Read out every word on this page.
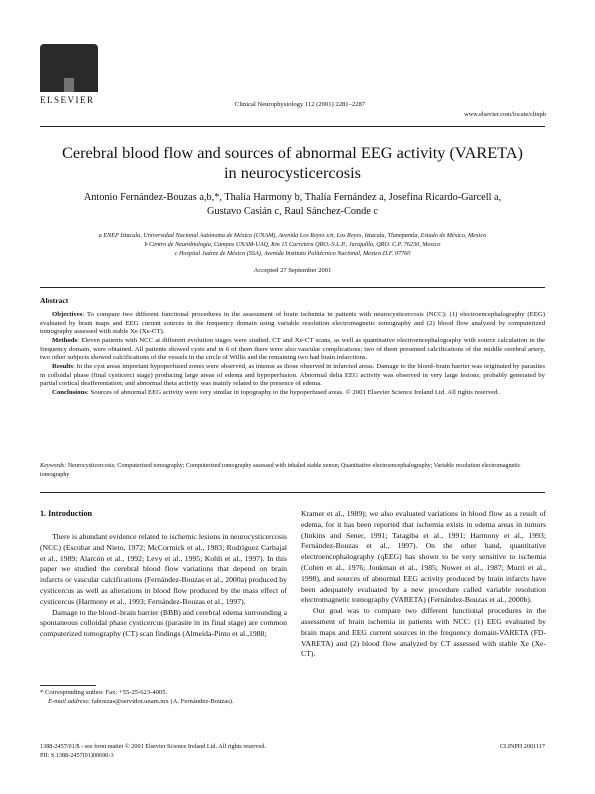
ELSEVIER	Clinical Neurophysiology 112 (2001) 2281–2287
www.elsevier.com/locate/clinph
Cerebral blood flow and sources of abnormal EEG activity (VARETA)
in neurocysticercosis
Antonio Fernández-Bouzas a,b,*, Thalía Harmony b, Thalía Fernández a, Josefina Ricardo-Garcell a,
Gustavo Casián c, Raul Sánchez-Conde c
a ENEP Iztacala, Universidad Nacional Autónoma de México (UNAM), Avenida Los Reyes s/n, Los Reyes, Iztacala, Tlanepantla, Estado de México, Mexico
b Centro de Neurobiología, Campus UNAM-UAQ, Km 15 Carretera QRO.-S.L.P., Juriquilla, QRO. C.P. 76230, Mexico
c Hospital Juárez de México (SSA), Avenida Instituto Politécnico Nacional, Mexico D.F. 07760
Accepted 27 September 2001
Abstract

Objectives: To compare two different functional procedures in the assessment of brain ischemia in patients with neurocysticercosis (NCC): (1) electroencephalography (EEG) evaluated by brain maps and EEG current sources in the frequency domain using variable resolution electromagnetic tomography and (2) blood flow analyzed by computerized tomography assessed with stable Xe (Xe-CT).

Methods: Eleven patients with NCC at different evolution stages were studied. CT and Xe-CT scans, as well as quantitative electroencephalography with source calculation in the frequency domain, were obtained. All patients showed cysts and in 6 of them there were also vascular complications: two of them presented calcifications of the middle cerebral artery, two other subjects showed calcifications of the vessels in the circle of Willis and the remaining two had brain infarctions.

Results: In the cyst areas important hypoperfused zones were observed, as intense as those observed in infarcted areas. Damage to the blood–brain barrier was originated by parasites in colloidal phase (final cysticerci stage) producing large areas of edema and hypoperfusion. Abnormal delta EEG activity was observed in very large lesions, probably generated by partial cortical deafferentation; and abnormal theta activity was mainly related to the presence of edema.

Conclusions: Sources of abnormal EEG activity were very similar in topography to the hypoperfused areas. © 2001 Elsevier Science Ireland Ltd. All rights reserved.

Keywords: Neurocysticercosis; Computerized tomography; Computerized tomography assessed with inhaled stable xenon; Quantitative electroencephalography; Variable resolution electromagnetic tomography
1. Introduction

There is abundant evidence related to ischemic lesions in neurocysticercosis (NCC) (Escobar and Nieto, 1972; McCormick et al., 1983; Rodríguez Carbajal et al., 1989; Alarcón et al., 1992; Levy et al., 1995; Kohli et al., 1997). In this paper we studied the cerebral blood flow variations that depend on brain infarcts or vascular calcifications (Fernández-Bouzas et al., 2000a) produced by cysticercus as well as alterations in blood flow produced by the mass effect of cysticercus (Harmony et al., 1993; Fernández-Bouzas et al., 1997).

Damage to the blood–brain barrier (BBB) and cerebral edema surrounding a spontaneous colloidal phase cysticercus (parasite in its final stage) are common computerized tomography (CT) scan findings (Almeida-Pinto et al.,1988;

Kramer et al., 1989); we also evaluated variations in blood flow as a result of edema, for it has been reported that ischemia exists in edema areas in tumors (Jinkins and Sener, 1991; Tatagiba et al., 1991; Harmony et al., 1993; Fernández-Bouzas et al., 1997). On the other hand, quantitative electroencephalography (qEEG) has shown to be very sensitive to ischemia (Cohen et al., 1976; Jonkman et al., 1985; Nuwer et al., 1987; Murri et al., 1998), and sources of abnormal EEG activity produced by brain infarcts have been adequately evaluated by a new procedure called variable resolution electromagnetic tomography (VARETA) (Fernández-Bouzas et al., 2000b).

Our goal was to compare two different functional procedures in the assessment of brain ischemia in patients with NCC: (1) EEG evaluated by brain maps and EEG current sources in the frequency domain-VARETA (FD-VARETA) and (2) blood flow analyzed by CT assessed with stable Xe (Xe-CT).

* Corresponding author. Fax: +55-25-623-4005.
E-mail address: fabouzas@servidor.unam.mx (A. Fernández-Bouzas).
1388-2457/01/$ - see front matter © 2001 Elsevier Science Ireland Ltd. All rights reserved.
PII: S 1388-2457(01)00690-3
CLINPH 2001117
